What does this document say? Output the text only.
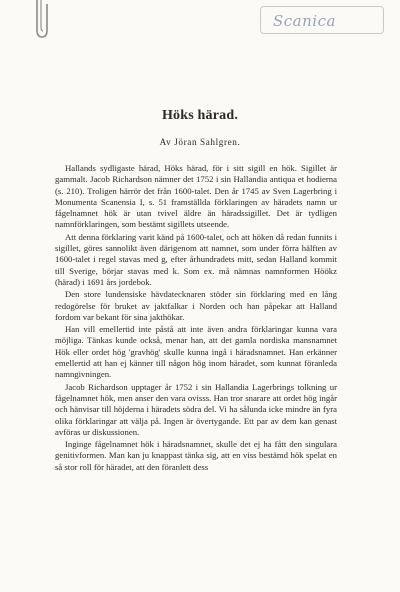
Scanica
Höks härad.
Av Jöran Sahlgren.

Hallands sydligaste härad, Höks härad, för i sitt sigill en hök. Sigillet är gammalt. Jacob Richardson nämner det 1752 i sin Hallandia antiqua et hodierna (s. 210). Troligen härrör det från 1600-talet. Den år 1745 av Sven Lagerbring i Monumenta Scanensia I, s. 51 framställda förklaringen av häradets namn ur fågelnamnet hök är utan tvivel äldre än häradssigillet. Det är tydligen namnförklaringen, som bestämt sigillets utseende.

Att denna förklaring varit känd på 1600-talet, och att höken då redan funnits i sigillet, göres sannolikt även därigenom att namnet, som under förra hälften av 1600-talet i regel stavas med g, efter århundradets mitt, sedan Halland kommit till Sverige, börjar stavas med k. Som ex. må nämnas namnformen Höökz (härad) i 1691 års jordebok.

Den store lundensiske hävdatecknaren stöder sin förklaring med en lång redogörelse för bruket av jaktfalkar i Norden och han påpekar att Halland fordom var bekant för sina jakthökar.

Han vill emellertid inte påstå att inte även andra förklaringar kunna vara möjliga. Tänkas kunde också, menar han, att det gamla nordiska mansnamnet Hök eller ordet hög 'gravhög' skulle kunna ingå i häradsnamnet. Han erkänner emellertid att han ej känner till någon hög inom häradet, som kunnat föranleda namngivningen.

Jacob Richardson upptager år 1752 i sin Hallandia Lagerbrings tolkning ur fågelnamnet hök, men anser den vara ovisss. Han tror snarare att ordet hög ingår och hänvisar till höjderna i häradets södra del. Vi ha sålunda icke mindre än fyra olika förklaringar att välja på. Ingen är övertygande. Ett par av dem kan genast avföras ur diskussionen.

Inginge fågelnamnet hök i häradsnamnet, skulle det ej ha fått den singulara genitivformen. Man kan ju knappast tänka sig, att en viss bestämd hök spelat en så stor roll för häradet, att den föranlett dess
